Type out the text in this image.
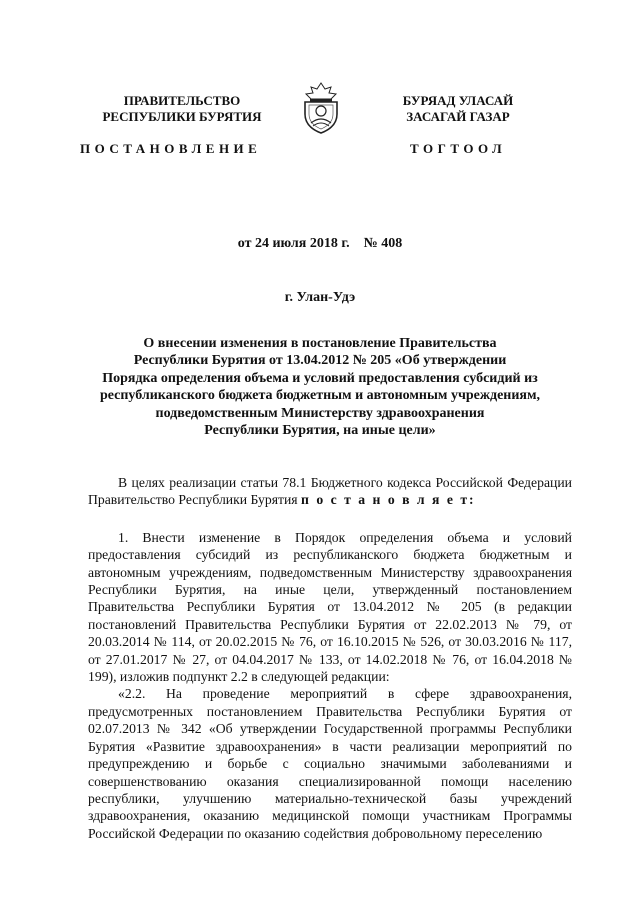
ПРАВИТЕЛЬСТВО
РЕСПУБЛИКИ БУРЯТИЯ
БУРЯАД УЛАСАЙ
ЗАСАГАЙ ГАЗАР
ПОСТАНОВЛЕНИЕ	ТОГТООЛ
от 24 июля 2018 г. № 408
г. Улан-Удэ
О внесении изменения в постановление Правительства
Республики Бурятия от 13.04.2012 № 205 «Об утверждении
Порядка определения объема и условий предоставления субсидий из
республиканского бюджета бюджетным и автономным учреждениям,
подведомственным Министерству здравоохранения
Республики Бурятия, на иные цели»

В целях реализации статьи 78.1 Бюджетного кодекса Российской Федерации Правительство Республики Бурятия п о с т а н о в л я е т:

1. Внести изменение в Порядок определения объема и условий предоставления субсидий из республиканского бюджета бюджетным и автономным учреждениям, подведомственным Министерству здравоохранения Республики Бурятия, на иные цели, утвержденный постановлением Правительства Республики Бурятия от 13.04.2012 № 205 (в редакции постановлений Правительства Республики Бурятия от 22.02.2013 № 79, от 20.03.2014 № 114, от 20.02.2015 № 76, от 16.10.2015 № 526, от 30.03.2016 № 117, от 27.01.2017 № 27, от 04.04.2017 № 133, от 14.02.2018 № 76, от 16.04.2018 № 199), изложив подпункт 2.2 в следующей редакции:

«2.2. На проведение мероприятий в сфере здравоохранения, предусмотренных постановлением Правительства Республики Бурятия от 02.07.2013 № 342 «Об утверждении Государственной программы Республики Бурятия «Развитие здравоохранения» в части реализации мероприятий по предупреждению и борьбе с социально значимыми заболеваниями и совершенствованию оказания специализированной помощи населению республики, улучшению материально-технической базы учреждений здравоохранения, оказанию медицинской помощи участникам Программы Российской Федерации по оказанию содействия добровольному переселению
